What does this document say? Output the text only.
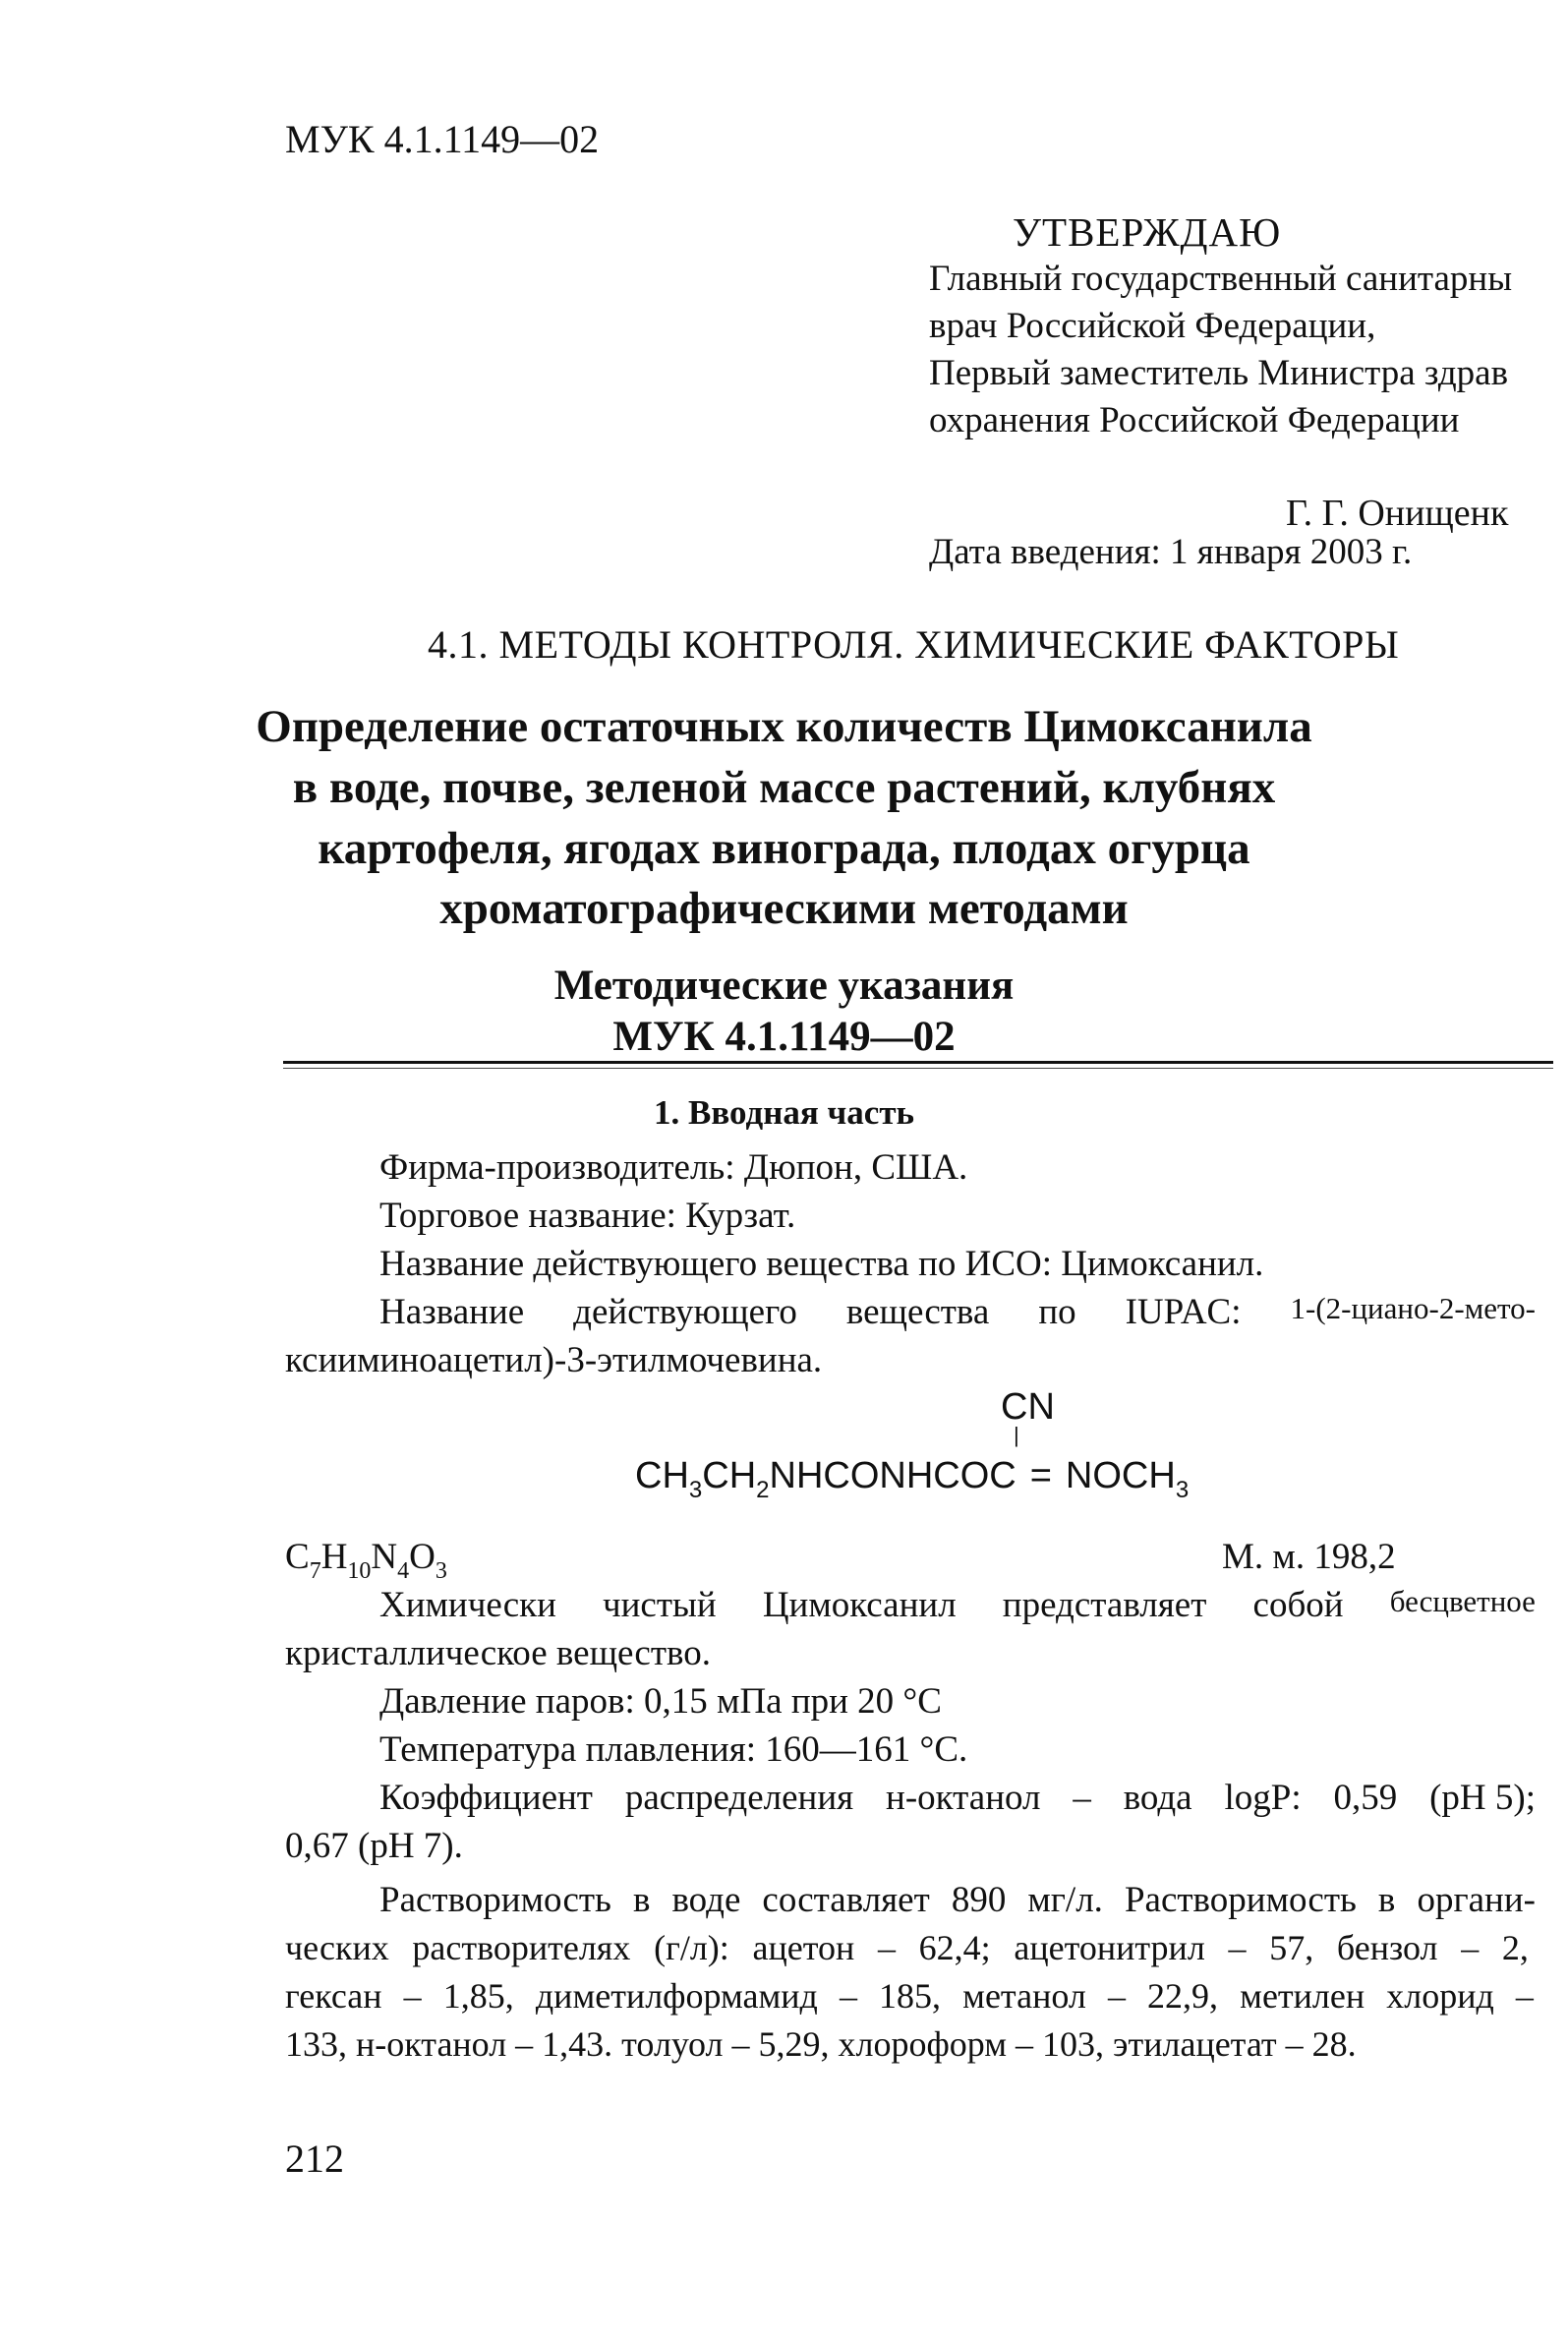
МУК 4.1.1149—02
УТВЕРЖДАЮ
Главный государственный санитарны
врач Российской Федерации,
Первый заместитель Министра здрав
охранения Российской Федерации
Г. Г. Онищенк
Дата введения: 1 января 2003 г.
4.1. МЕТОДЫ КОНТРОЛЯ. ХИМИЧЕСКИЕ ФАКТОРЫ
Определение остаточных количеств Цимоксанила
в воде, почве, зеленой массе растений, клубнях
картофеля, ягодах винограда, плодах огурца
хроматографическими методами
Методические указания
МУК 4.1.1149—02
1. Вводная часть
Фирма-производитель: Дюпон, США.
Торговое название: Курзат.
Название действующего вещества по ИСО: Цимоксанил.
Название действующего вещества по IUPAC: 1-(2-циано-2-мето-
ксииминоацетил)-3-этилмочевина.
CN
|
$CH_3CH_2NHCONHCOC$ = $NOCH_3$
$C_7H_{10}N_4O_3$	М. м. 198,2
Химически чистый Цимоксанил представляет собой бесцветное
кристаллическое вещество.
Давление паров: 0,15 мПа при 20 °С
Температура плавления: 160—161 °С.
Коэффициент распределения н-октанол – вода logP: 0,59 (pH 5);
0,67 (рН 7).
Растворимость в воде составляет 890 мг/л. Растворимость в органи-
ческих растворителях (г/л): ацетон – 62,4; ацетонитрил – 57, бензол – 2,
гексан – 1,85, диметилформамид – 185, метанол – 22,9, метилен хлорид –
133, н-октанол – 1,43. толуол – 5,29, хлороформ – 103, этилацетат – 28.
212
